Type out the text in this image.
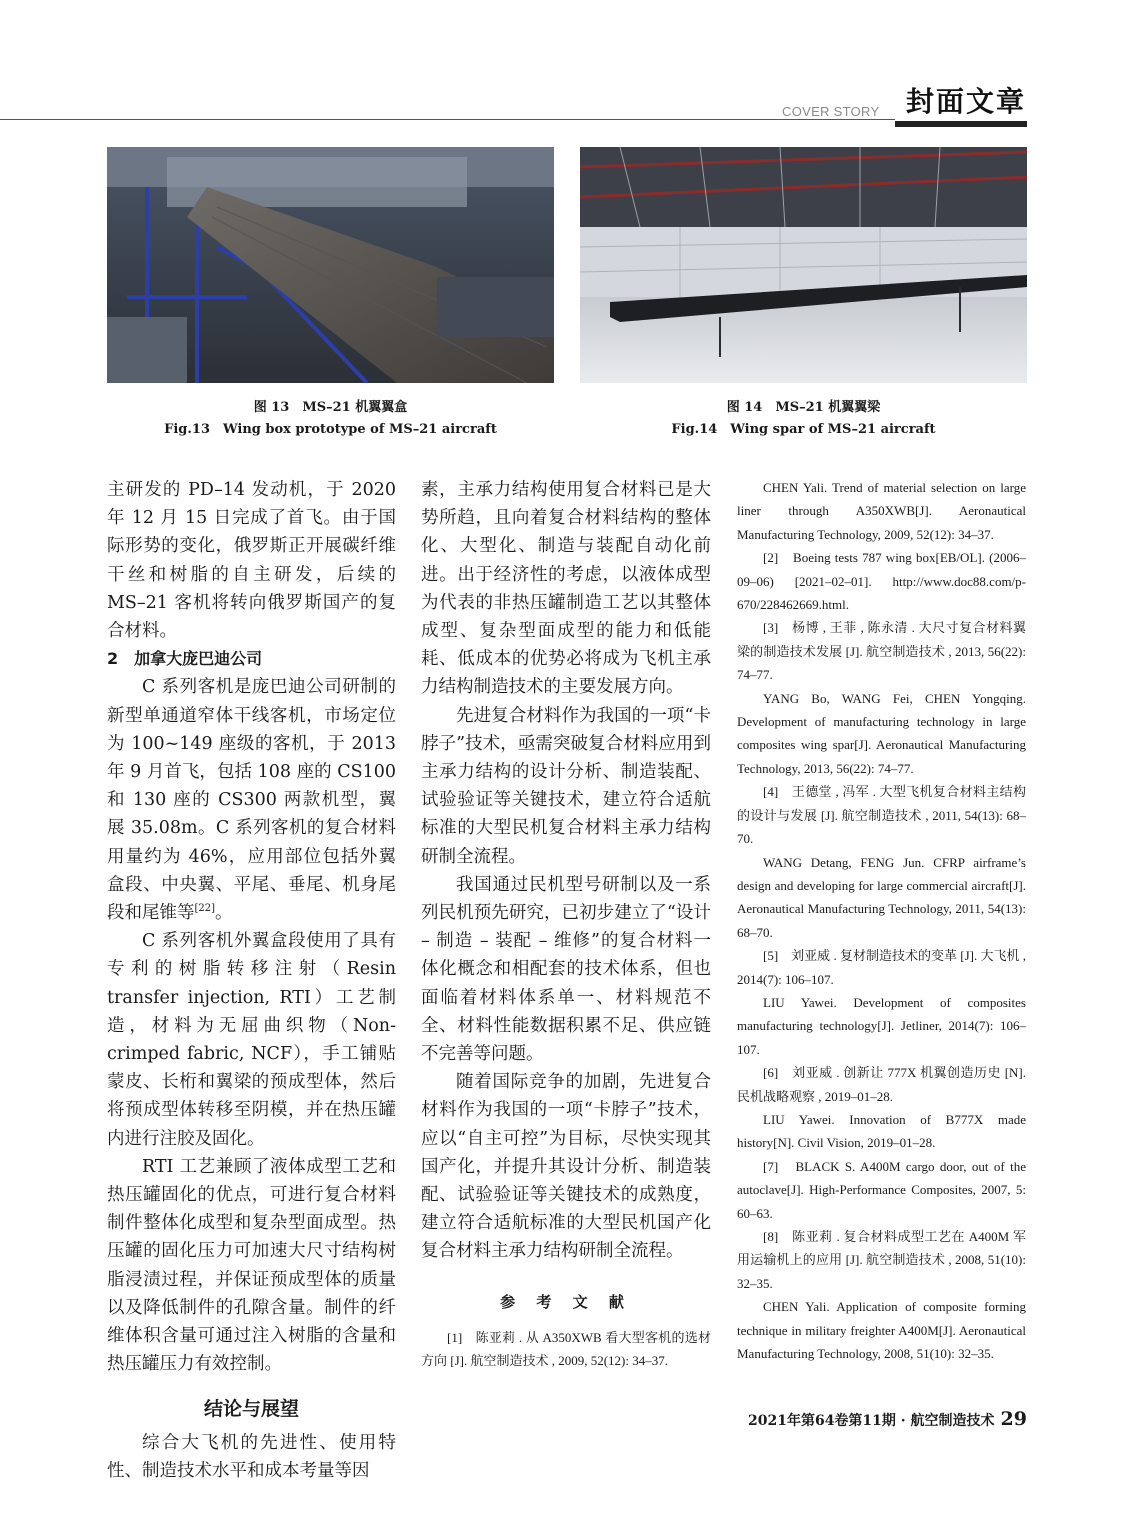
COVER STORY 封面文章
图 13　MS–21 机翼翼盒
Fig.13　Wing box prototype of MS–21 aircraft
图 14　MS–21 机翼翼梁
Fig.14　Wing spar of MS–21 aircraft

主研发的 PD–14 发动机，于 2020 年 12 月 15 日完成了首飞。由于国际形势的变化，俄罗斯正开展碳纤维干丝和树脂的自主研发，后续的 MS–21 客机将转向俄罗斯国产的复合材料。

2　加拿大庞巴迪公司

C 系列客机是庞巴迪公司研制的新型单通道窄体干线客机，市场定位为 100~149 座级的客机，于 2013 年 9 月首飞，包括 108 座的 CS100 和 130 座的 CS300 两款机型，翼展 35.08m。C 系列客机的复合材料用量约为 46%，应用部位包括外翼盒段、中央翼、平尾、垂尾、机身尾段和尾锥等[22]。

C 系列客机外翼盒段使用了具有专利的树脂转移注射（Resin transfer injection, RTI）工艺制造，材料为无屈曲织物（Non-crimped fabric, NCF），手工铺贴蒙皮、长桁和翼梁的预成型体，然后将预成型体转移至阴模，并在热压罐内进行注胶及固化。

RTI 工艺兼顾了液体成型工艺和热压罐固化的优点，可进行复合材料制件整体化成型和复杂型面成型。热压罐的固化压力可加速大尺寸结构树脂浸渍过程，并保证预成型体的质量以及降低制件的孔隙含量。制件的纤维体积含量可通过注入树脂的含量和热压罐压力有效控制。

结论与展望

综合大飞机的先进性、使用特性、制造技术水平和成本考量等因

素，主承力结构使用复合材料已是大势所趋，且向着复合材料结构的整体化、大型化、制造与装配自动化前进。出于经济性的考虑，以液体成型为代表的非热压罐制造工艺以其整体成型、复杂型面成型的能力和低能耗、低成本的优势必将成为飞机主承力结构制造技术的主要发展方向。

先进复合材料作为我国的一项“卡脖子”技术，亟需突破复合材料应用到主承力结构的设计分析、制造装配、试验验证等关键技术，建立符合适航标准的大型民机复合材料主承力结构研制全流程。

我国通过民机型号研制以及一系列民机预先研究，已初步建立了“设计 – 制造 – 装配 – 维修”的复合材料一体化概念和相配套的技术体系，但也面临着材料体系单一、材料规范不全、材料性能数据积累不足、供应链不完善等问题。

随着国际竞争的加剧，先进复合材料作为我国的一项“卡脖子”技术，应以“自主可控”为目标，尽快实现其国产化，并提升其设计分析、制造装配、试验验证等关键技术的成熟度，建立符合适航标准的大型民机国产化复合材料主承力结构研制全流程。

参 考 文 献

[1]　陈亚莉 . 从 A350XWB 看大型客机的选材方向 [J]. 航空制造技术 , 2009, 52(12): 34–37.

CHEN Yali. Trend of material selection on large liner through A350XWB[J]. Aeronautical Manufacturing Technology, 2009, 52(12): 34–37.

[2]　Boeing tests 787 wing box[EB/OL]. (2006–09–06) [2021–02–01]. http://www.doc88.com/p-670/228462669.html.

[3]　杨博 , 王菲 , 陈永清 . 大尺寸复合材料翼梁的制造技术发展 [J]. 航空制造技术 , 2013, 56(22): 74–77.

YANG Bo, WANG Fei, CHEN Yongqing. Development of manufacturing technology in large composites wing spar[J]. Aeronautical Manufacturing Technology, 2013, 56(22): 74–77.

[4]　王德堂 , 冯军 . 大型飞机复合材料主结构的设计与发展 [J]. 航空制造技术 , 2011, 54(13): 68–70.

WANG Detang, FENG Jun. CFRP airframe’s design and developing for large commercial aircraft[J]. Aeronautical Manufacturing Technology, 2011, 54(13): 68–70.

[5]　刘亚威 . 复材制造技术的变革 [J]. 大飞机 , 2014(7): 106–107.

LIU Yawei. Development of composites manufacturing technology[J]. Jetliner, 2014(7): 106–107.

[6]　刘亚威 . 创新让 777X 机翼创造历史 [N]. 民机战略观察 , 2019–01–28.

LIU Yawei. Innovation of B777X made history[N]. Civil Vision, 2019–01–28.

[7]　BLACK S. A400M cargo door, out of the autoclave[J]. High-Performance Composites, 2007, 5: 60–63.

[8]　陈亚莉 . 复合材料成型工艺在 A400M 军用运输机上的应用 [J]. 航空制造技术 , 2008, 51(10): 32–35.

CHEN Yali. Application of composite forming technique in military freighter A400M[J]. Aeronautical Manufacturing Technology, 2008, 51(10): 32–35.

2021年第64卷第11期 · 航空制造技术 29
